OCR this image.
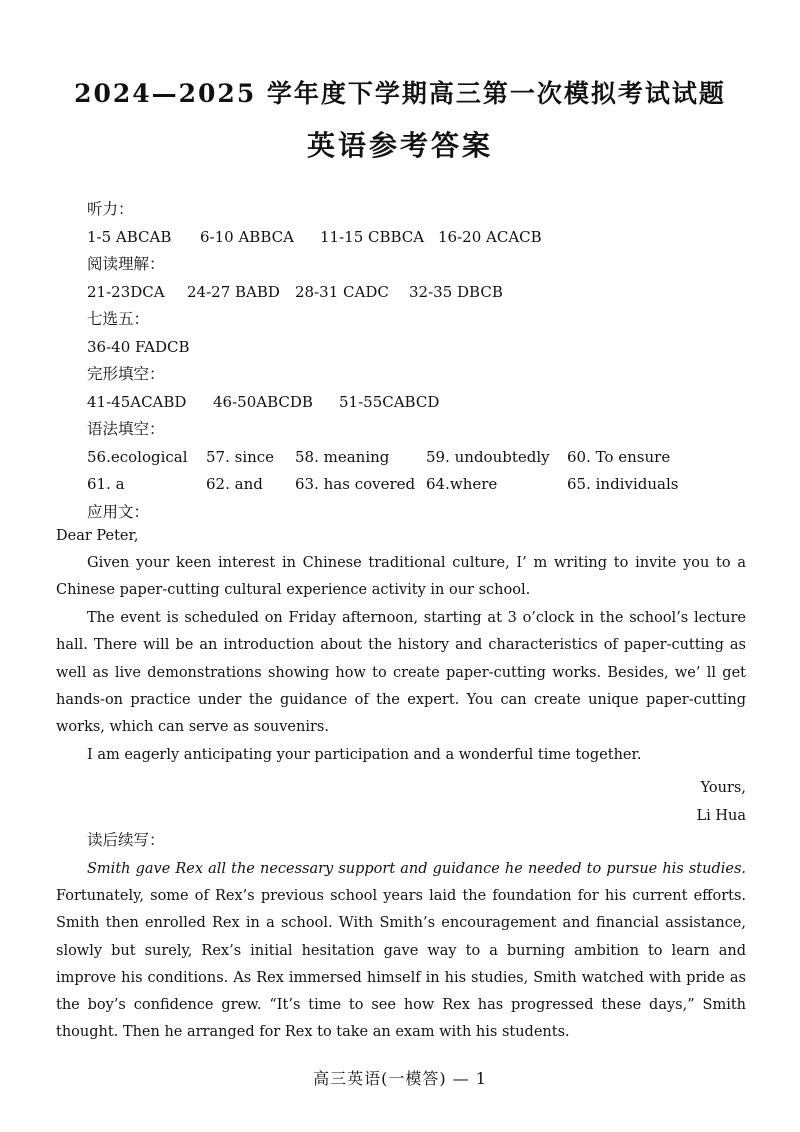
2024—2025 学年度下学期高三第一次模拟考试试题
英语参考答案
听力：
1-5 ABCAB 6-10 ABBCA 11-15 CBBCA 16-20 ACACB
阅读理解：
21-23DCA 24-27 BABD 28-31 CADC 32-35 DBCB
七选五：
36-40 FADCB
完形填空：
41-45ACABD 46-50ABCDB 51-55CABCD
语法填空：
56.ecological 57. since 58. meaning 59. undoubtedly 60. To ensure
61. a	62. and 63. has covered 64.where	65. individuals
应用文：
Dear Peter,
Given your keen interest in Chinese traditional culture, I’ m writing to invite you to a Chinese paper-cutting cultural experience activity in our school.
The event is scheduled on Friday afternoon, starting at 3 o’clock in the school’s lecture hall. There will be an introduction about the history and characteristics of paper-cutting as well as live demonstrations showing how to create paper-cutting works. Besides, we’ ll get hands-on practice under the guidance of the expert. You can create unique paper-cutting works, which can serve as souvenirs.
I am eagerly anticipating your participation and a wonderful time together.
Yours,
Li Hua
读后续写：
Smith gave Rex all the necessary support and guidance he needed to pursue his studies. Fortunately, some of Rex’s previous school years laid the foundation for his current efforts. Smith then enrolled Rex in a school. With Smith’s encouragement and financial assistance, slowly but surely, Rex’s initial hesitation gave way to a burning ambition to learn and improve his conditions. As Rex immersed himself in his studies, Smith watched with pride as the boy’s confidence grew. “It’s time to see how Rex has progressed these days,” Smith thought. Then he arranged for Rex to take an exam with his students.
高三英语(一模答) — 1
